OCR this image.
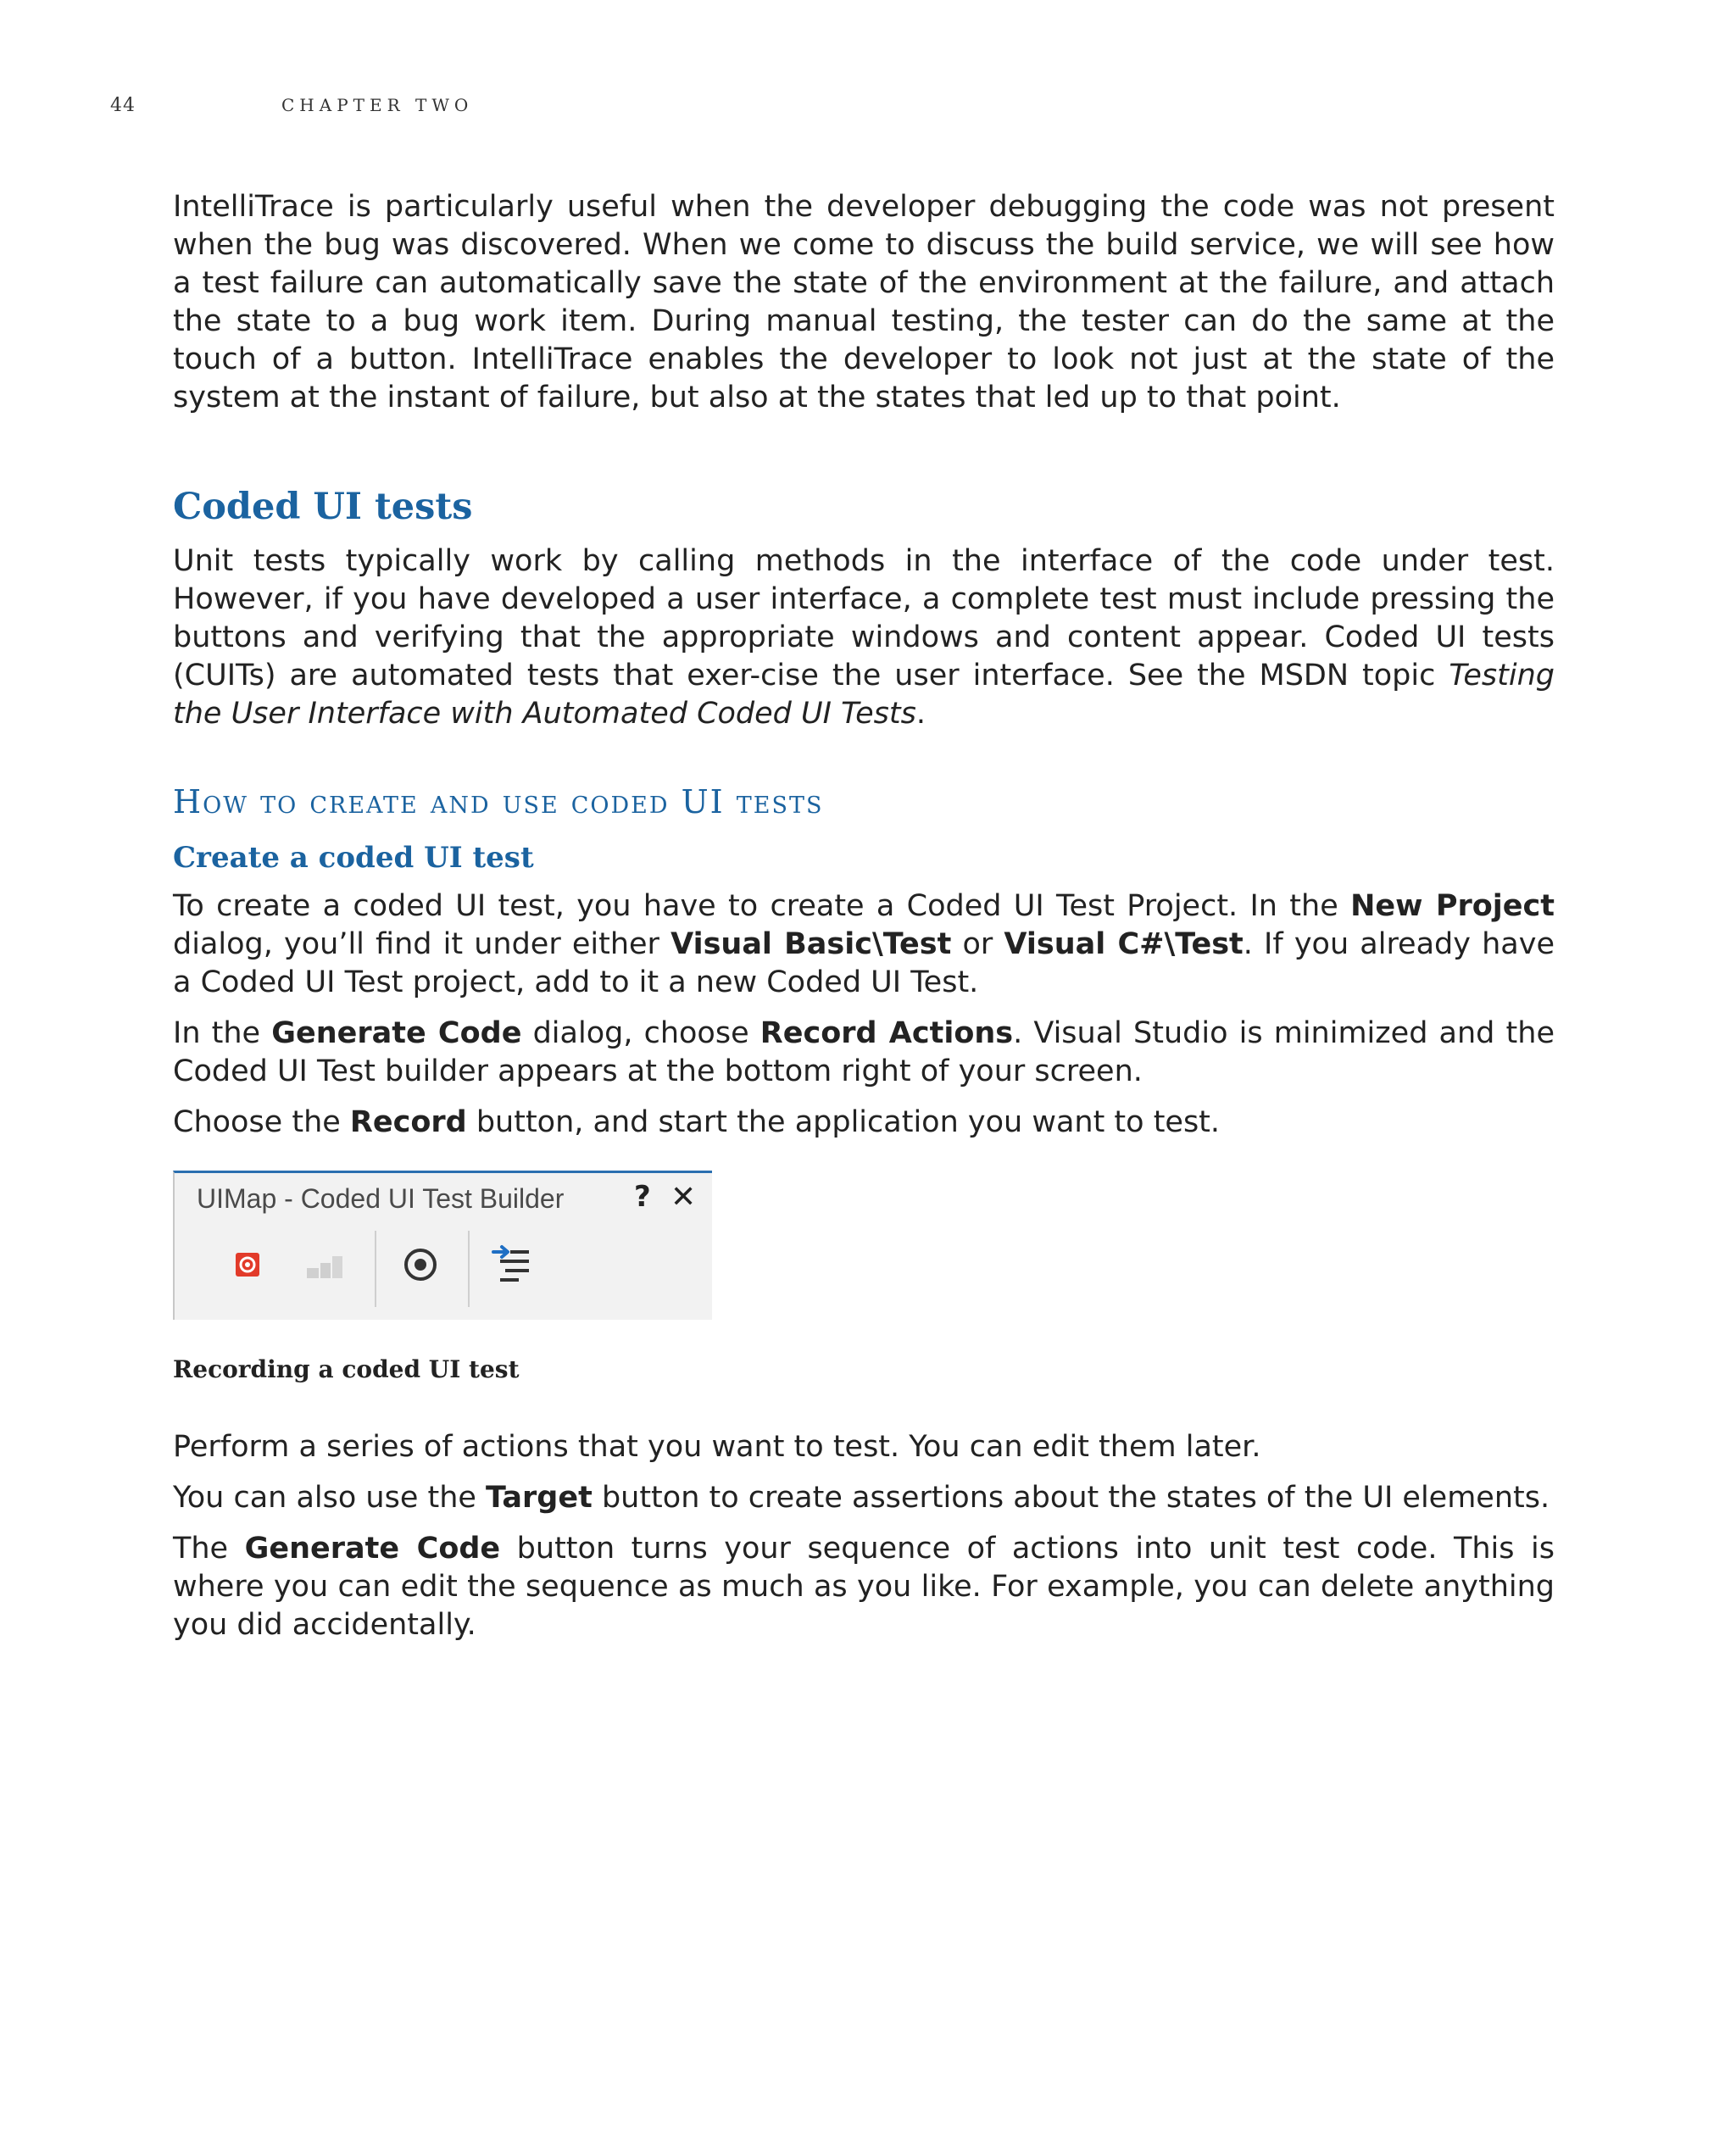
44	CHAPTER TWO

IntelliTrace is particularly useful when the developer debugging the code was not present when the bug was discovered. When we come to discuss the build service, we will see how a test failure can automatically save the state of the environment at the failure, and attach the state to a bug work item. During manual testing, the tester can do the same at the touch of a button. IntelliTrace enables the developer to look not just at the state of the system at the instant of failure, but also at the states that led up to that point.

Coded UI tests

Unit tests typically work by calling methods in the interface of the code under test. However, if you have developed a user interface, a complete test must include pressing the buttons and verifying that the appropriate windows and content appear. Coded UI tests (CUITs) are automated tests that exer-cise the user interface. See the MSDN topic Testing the User Interface with Automated Coded UI Tests.

How to create and use coded UI tests
Create a coded UI test

To create a coded UI test, you have to create a Coded UI Test Project. In the New Project dialog, you’ll find it under either Visual Basic\Test or Visual C#\Test. If you already have a Coded UI Test project, add to it a new Coded UI Test.

In the Generate Code dialog, choose Record Actions. Visual Studio is minimized and the Coded UI Test builder appears at the bottom right of your screen.

Choose the Record button, and start the application you want to test.

UIMap - Coded UI Test Builder ? ✕
Recording a coded UI test

Perform a series of actions that you want to test. You can edit them later.

You can also use the Target button to create assertions about the states of the UI elements.

The Generate Code button turns your sequence of actions into unit test code. This is where you can edit the sequence as much as you like. For example, you can delete anything you did accidentally.
